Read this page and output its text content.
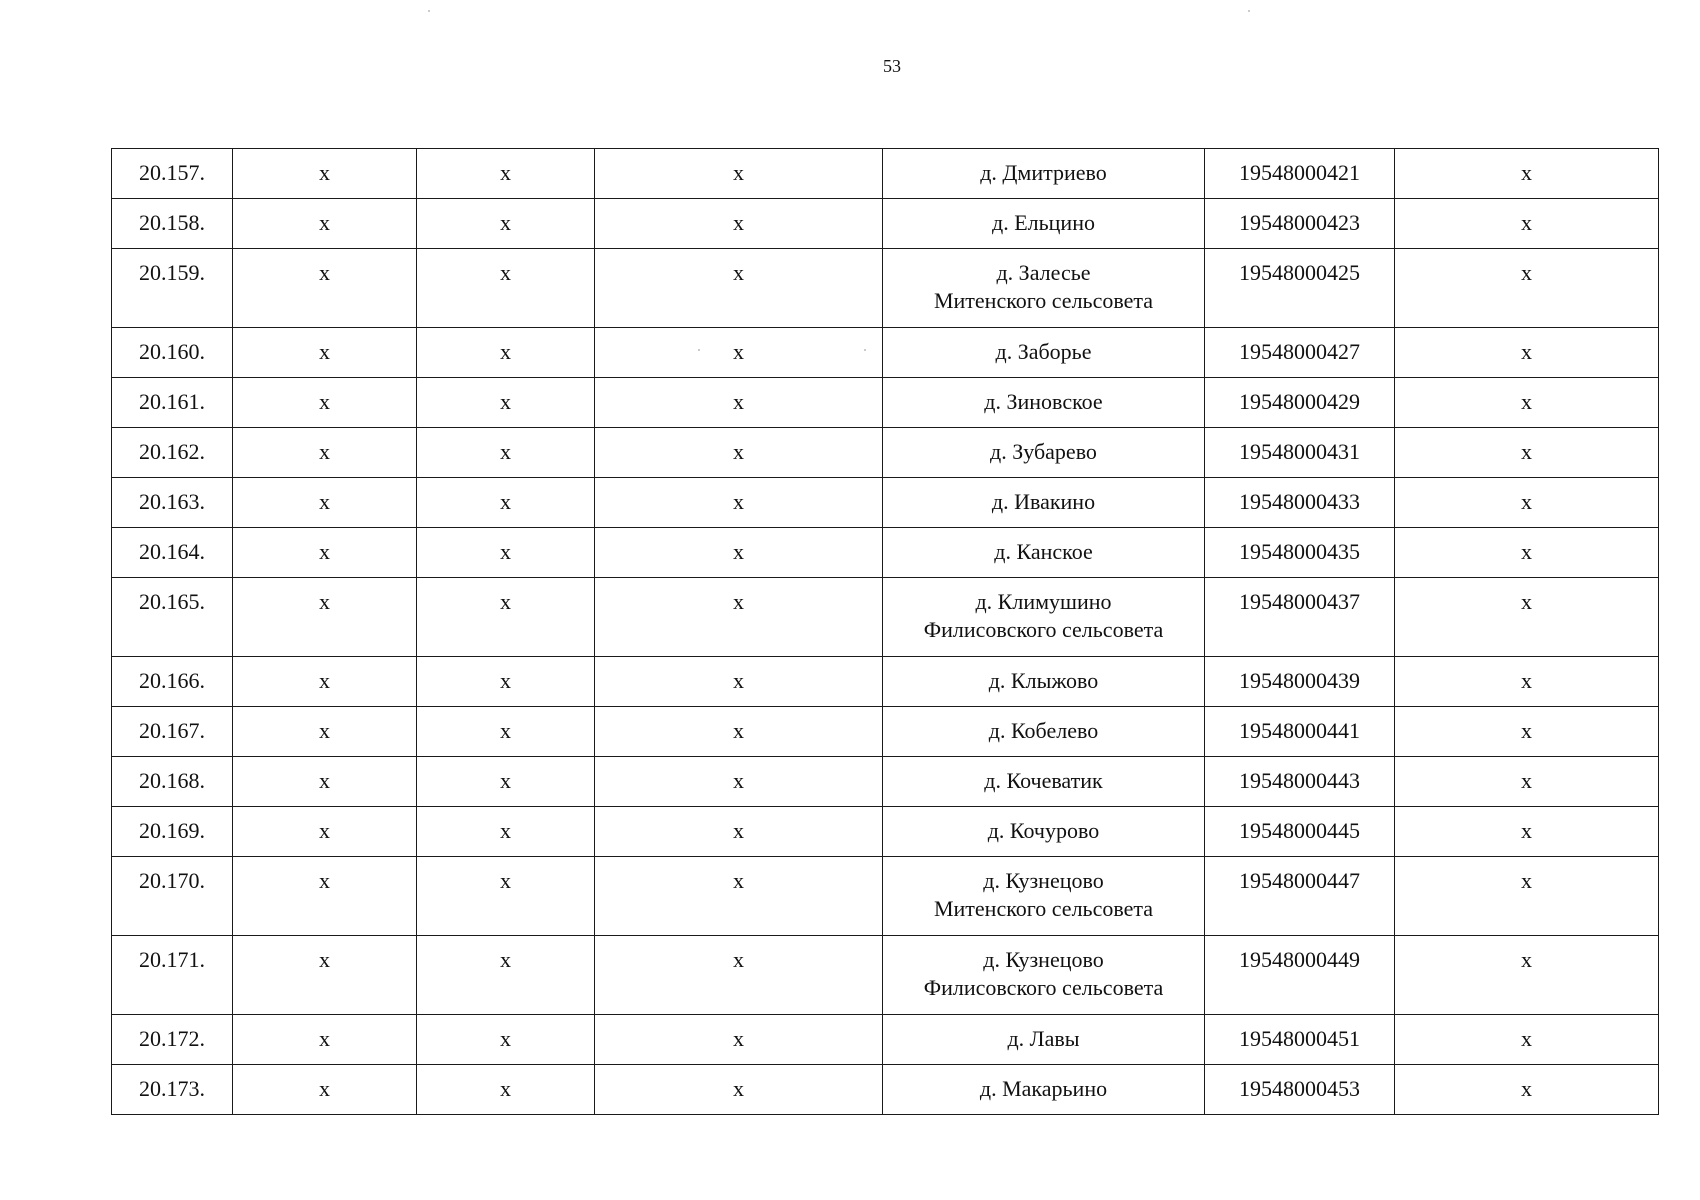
53
20.157.	x	x	x	д. Дмитриево	19548000421	x
20.158.	x	x	x	д. Ельцино	19548000423	x
20.159.	x	x	x	д. Залесье
Митенского сельсовета	19548000425	x
20.160.	x	x	x	д. Заборье	19548000427	x
20.161.	x	x	x	д. Зиновское	19548000429	x
20.162.	x	x	x	д. Зубарево	19548000431	x
20.163.	x	x	x	д. Ивакино	19548000433	x
20.164.	x	x	x	д. Канское	19548000435	x
20.165.	x	x	x	д. Климушино
Филисовского сельсовета	19548000437	x
20.166.	x	x	x	д. Клыжово	19548000439	x
20.167.	x	x	x	д. Кобелево	19548000441	x
20.168.	x	x	x	д. Кочеватик	19548000443	x
20.169.	x	x	x	д. Кочурово	19548000445	x
20.170.	x	x	x	д. Кузнецово
Митенского сельсовета	19548000447	x
20.171.	x	x	x	д. Кузнецово
Филисовского сельсовета	19548000449	x
20.172.	x	x	x	д. Лавы	19548000451	x
20.173.	x	x	x	д. Макарьино	19548000453	x
